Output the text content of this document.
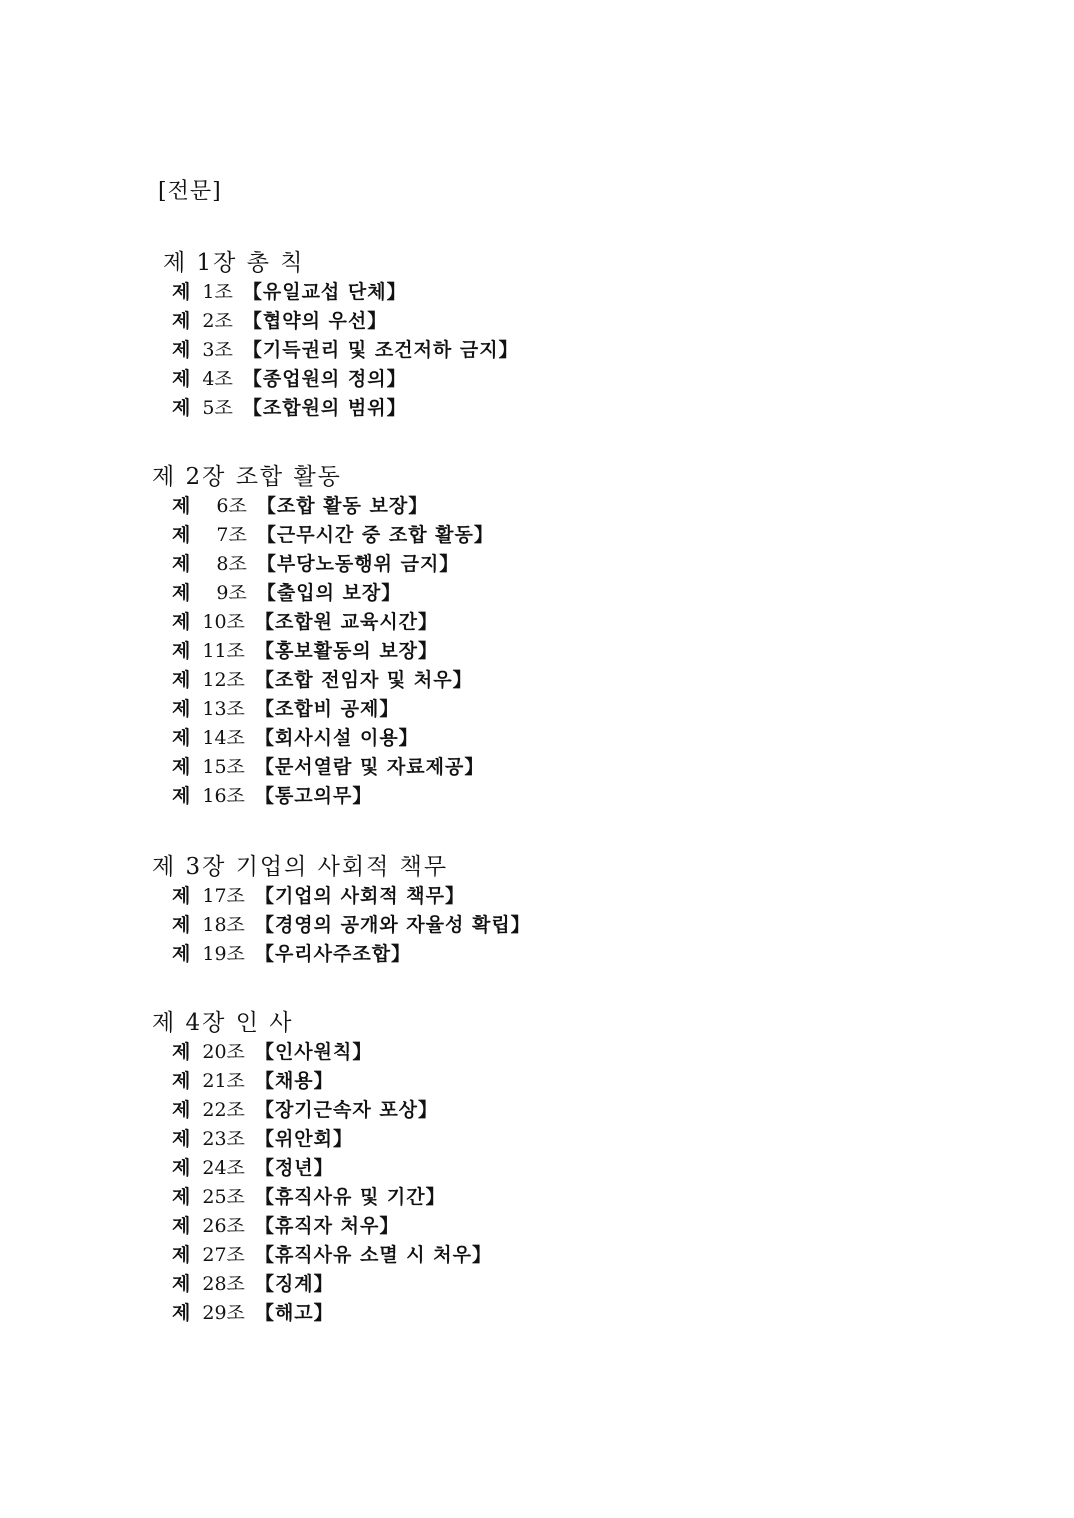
[전문]
제 1장 총 칙
제 1조 【유일교섭 단체】
제 2조 【협약의 우선】
제 3조 【기득권리 및 조건저하 금지】
제 4조 【종업원의 정의】
제 5조 【조합원의 범위】
제 2장 조합 활동
제 6조 【조합 활동 보장】
제 7조 【근무시간 중 조합 활동】
제 8조 【부당노동행위 금지】
제 9조 【출입의 보장】
제 10조 【조합원 교육시간】
제 11조 【홍보활동의 보장】
제 12조 【조합 전임자 및 처우】
제 13조 【조합비 공제】
제 14조 【회사시설 이용】
제 15조 【문서열람 및 자료제공】
제 16조 【통고의무】
제 3장 기업의 사회적 책무
제 17조 【기업의 사회적 책무】
제 18조 【경영의 공개와 자율성 확립】
제 19조 【우리사주조합】
제 4장 인 사
제 20조 【인사원칙】
제 21조 【채용】
제 22조 【장기근속자 포상】
제 23조 【위안회】
제 24조 【정년】
제 25조 【휴직사유 및 기간】
제 26조 【휴직자 처우】
제 27조 【휴직사유 소멸 시 처우】
제 28조 【징계】
제 29조 【해고】
